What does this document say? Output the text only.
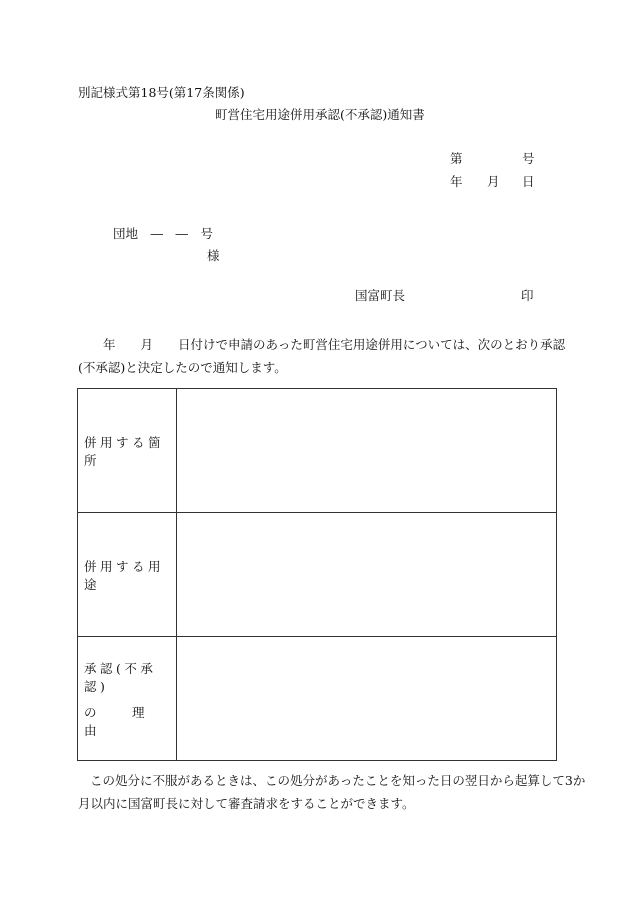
別記様式第18号(第17条関係)
町営住宅用途併用承認(不承認)通知書
第	号
年 月 日
団地　―　―　号
様
国富町長	印

　　年　　月　　日付けで申請のあった町営住宅用途併用については、次のとおり承認
(不承認)と決定したので通知します。

併用する箇所	

併用する用途	

承認(不承認)
の　　理　　由	

この処分に不服があるときは、この処分があったことを知った日の翌日から起算して3か
月以内に国富町長に対して審査請求をすることができます。
